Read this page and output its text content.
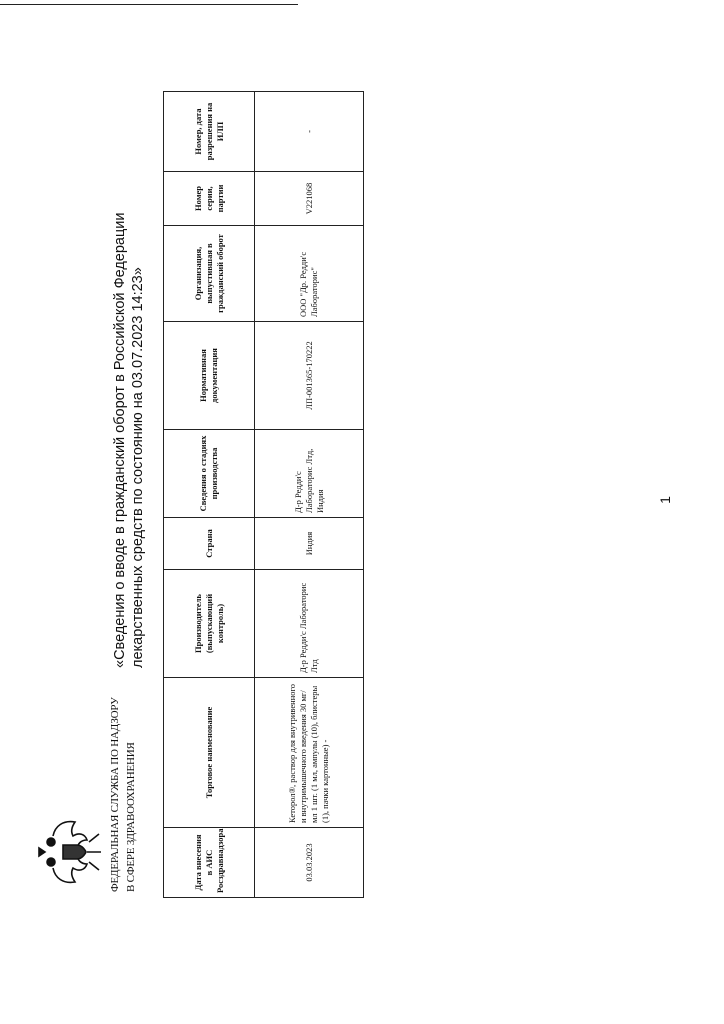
ФЕДЕРАЛЬНАЯ СЛУЖБА ПО НАДЗОРУ В СФЕРЕ ЗДРАВООХРАНЕНИЯ
«Сведения о вводе в гражданский оборот в Российской Федерации лекарственных средств по состоянию на 03.07.2023 14:23»
Дата внесения в АИС Росздравнадзора	Торговое наименование	Производитель (выпускающий контроль)	Страна	Сведения о стадиях производства	Нормативная документация	Организация, выпустившая в гражданский оборот	Номер серии, партии	Номер, дата разрешения на ИЛП
03.03.2023	Кеторол®, раствор для внутривенного и внутримышечного введения 30 мг/мл 1 шт. (1 мл, ампулы (10), блистеры (1), пачки картонные) -	Д-р Редди'с Лабораторис Лтд	Индия	Д-р Редди'с Лабораторис Лтд, Индия	ЛП-001365-170222	ООО "Др. Редди'с Лабораторис"	V221068	-
1
